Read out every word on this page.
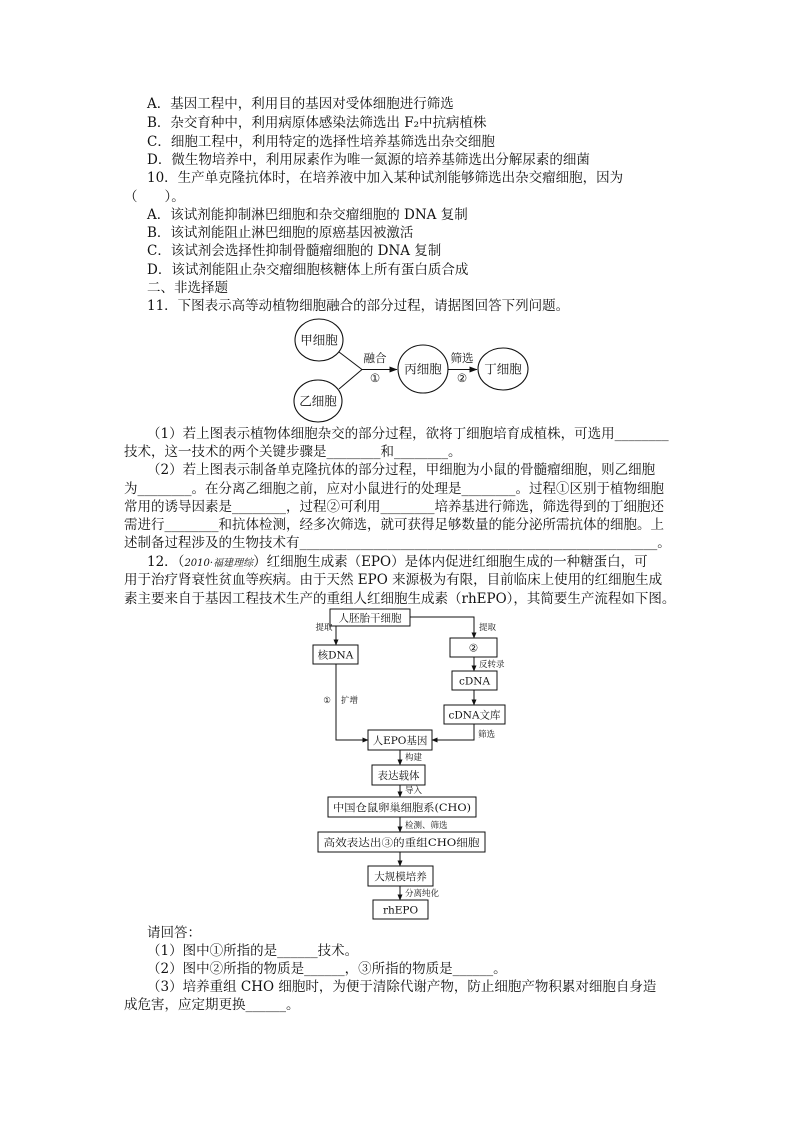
A．基因工程中，利用目的基因对受体细胞进行筛选
B．杂交育种中，利用病原体感染法筛选出 F₂中抗病植株
C．细胞工程中，利用特定的选择性培养基筛选出杂交细胞
D．微生物培养中，利用尿素作为唯一氮源的培养基筛选出分解尿素的细菌
10．生产单克隆抗体时，在培养液中加入某种试剂能够筛选出杂交瘤细胞，因为
（　　）。
A．该试剂能抑制淋巴细胞和杂交瘤细胞的 DNA 复制
B．该试剂能阻止淋巴细胞的原癌基因被激活
C．该试剂会选择性抑制骨髓瘤细胞的 DNA 复制
D．该试剂能阻止杂交瘤细胞核糖体上所有蛋白质合成
二、非选择题
11．下图表示高等动植物细胞融合的部分过程，请据图回答下列问题。
甲细胞
乙细胞
丙细胞	丁细胞
融合
①
筛选
②
（1）若上图表示植物体细胞杂交的部分过程，欲将丁细胞培育成植株，可选用________
技术，这一技术的两个关键步骤是________和________。
（2）若上图表示制备单克隆抗体的部分过程，甲细胞为小鼠的骨髓瘤细胞，则乙细胞
为________。在分离乙细胞之前，应对小鼠进行的处理是________。过程①区别于植物细胞
常用的诱导因素是________，过程②可利用________培养基进行筛选，筛选得到的丁细胞还
需进行________和抗体检测，经多次筛选，就可获得足够数量的能分泌所需抗体的细胞。上
述制备过程涉及的生物技术有_____________________________________________________。
12．（2010·福建理综）红细胞生成素（EPO）是体内促进红细胞生成的一种糖蛋白，可
用于治疗肾衰性贫血等疾病。由于天然 EPO 来源极为有限，目前临床上使用的红细胞生成
素主要来自于基因工程技术生产的重组人红细胞生成素（rhEPO），其简要生产流程如下图。
人胚胎干细胞
提取
核DNA
① 扩增
提取
②
反转录
cDNA
cDNA文库
筛选
人EPO基因
构建
表达载体
导入
中国仓鼠卵巢细胞系(CHO)
检测、筛选
高效表达出③的重组CHO细胞
大规模培养
分离纯化
rhEPO
请回答：
（1）图中①所指的是______技术。
（2）图中②所指的物质是______，③所指的物质是______。
（3）培养重组 CHO 细胞时，为便于清除代谢产物，防止细胞产物积累对细胞自身造
成危害，应定期更换______。
